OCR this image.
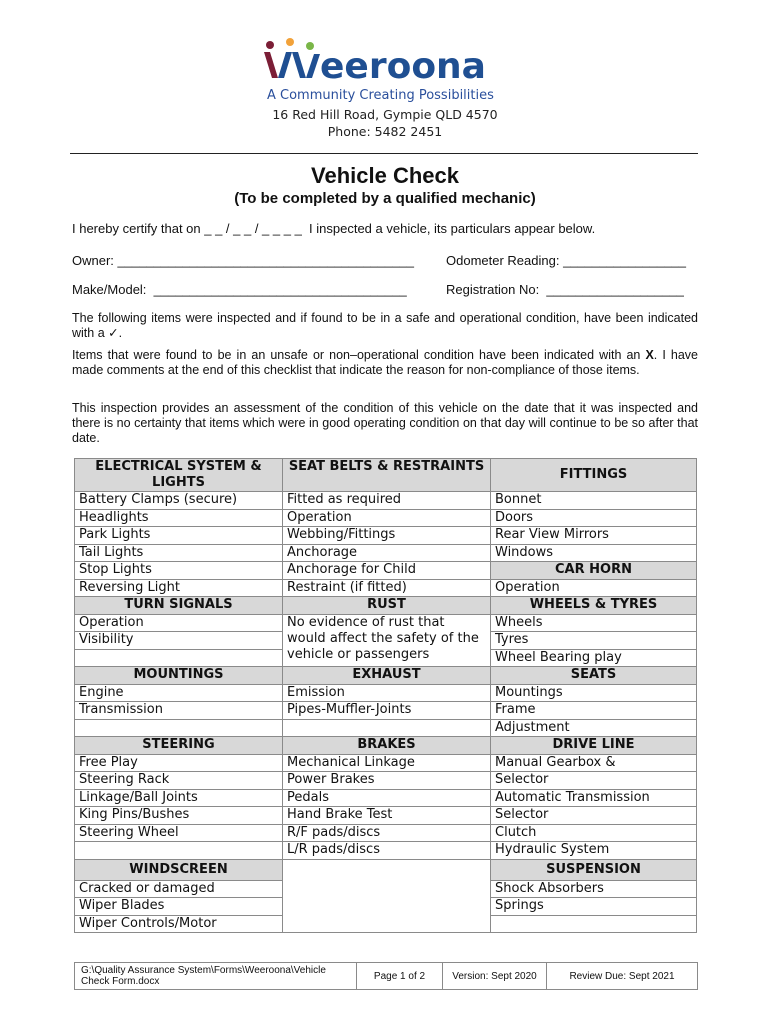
eeroona
A Community Creating Possibilities
16 Red Hill Road, Gympie QLD 4570
Phone: 5482 2451
Vehicle Check
(To be completed by a qualified mechanic)
I hereby certify that on _ _ / _ _ / _ _ _ _  I inspected a vehicle, its particulars appear below.
Owner: _________________________________________ Odometer Reading: _________________
Make/Model:  ___________________________________	Registration No:  ___________________
The following items were inspected and if found to be in a safe and operational condition, have been indicated with a ✓.
Items that were found to be in an unsafe or non–operational condition have been indicated with an X. I have made comments at the end of this checklist that indicate the reason for non-compliance of those items.
This inspection provides an assessment of the condition of this vehicle on the date that it was inspected and there is no certainty that items which were in good operating condition on that day will continue to be so after that date.
ELECTRICAL SYSTEM & LIGHTS	SEAT BELTS & RESTRAINTS	FITTINGS

Battery Clamps (secure)	Fitted as required	Bonnet
Headlights	Operation	Doors
Park Lights	Webbing/Fittings	Rear View Mirrors
Tail Lights	Anchorage	Windows
Stop Lights	Anchorage for Child	CAR HORN
Reversing Light	Restraint (if fitted)	Operation
TURN SIGNALS	RUST	WHEELS & TYRES
Operation	No evidence of rust that would affect the safety of the vehicle or passengers	Wheels
Visibility		Tyres
		Wheel Bearing play
MOUNTINGS	EXHAUST	SEATS
Engine	Emission	Mountings
Transmission	Pipes-Muffler-Joints	Frame
		Adjustment
STEERING	BRAKES	DRIVE LINE
Free Play	Mechanical Linkage	Manual Gearbox &
Steering Rack	Power Brakes	Selector
Linkage/Ball Joints	Pedals	Automatic Transmission
King Pins/Bushes	Hand Brake Test	Selector
Steering Wheel	R/F pads/discs	Clutch
	L/R pads/discs	Hydraulic System
WINDSCREEN		SUSPENSION
Cracked or damaged		Shock Absorbers
Wiper Blades		Springs
Wiper Controls/Motor		
G:\Quality Assurance System\Forms\Weeroona\Vehicle Check Form.docx	Page 1 of 2	Version: Sept 2020	Review Due: Sept 2021
